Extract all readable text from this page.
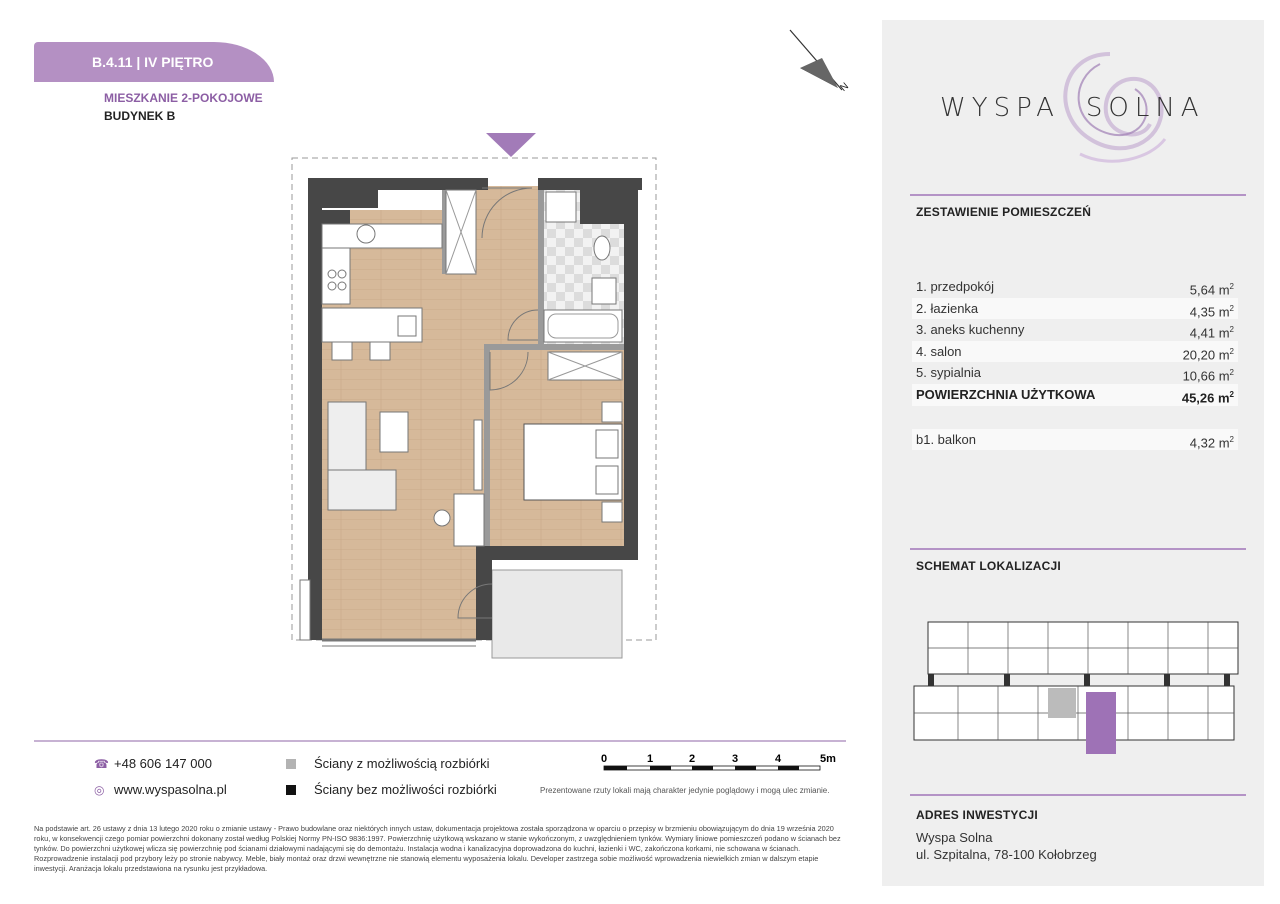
B.4.11 | IV PIĘTRO
MIESZKANIE 2-POKOJOWE
BUDYNEK B
N
☎ +48 606 147 000
◎ www.wyspasolna.pl
Ściany z możliwością rozbiórki
Ściany bez możliwości rozbiórki
0	1	2	3	4	5m
Prezentowane rzuty lokali mają charakter jedynie poglądowy i mogą ulec zmianie.
Na podstawie art. 26 ustawy z dnia 13 lutego 2020 roku o zmianie ustawy - Prawo budowlane oraz niektórych innych ustaw, dokumentacja projektowa została sporządzona w oparciu o przepisy w brzmieniu obowiązującym do dnia 19 września 2020 roku, w konsekwencji czego pomiar powierzchni dokonany został według Polskiej Normy PN-ISO 9836:1997. Powierzchnię użytkową wskazano w stanie wykończonym, z uwzględnieniem tynków. Wymiary liniowe pomieszczeń podano w ścianach bez tynków. Do powierzchni użytkowej wlicza się powierzchnię pod ścianami działowymi nadającymi się do demontażu. Instalacja wodna i kanalizacyjna doprowadzona do kuchni, łazienki i WC, zakończona korkami, nie schowana w ścianach. Rozprowadzenie instalacji pod przybory leży po stronie nabywcy. Meble, biały montaż oraz drzwi wewnętrzne nie stanowią elementu wyposażenia lokalu. Developer zastrzega sobie możliwość wprowadzenia niewielkich zmian w dalszym etapie inwestycji. Aranżacja lokalu przedstawiona na rysunku jest przykładowa.
WYSPA SOLNA
ZESTAWIENIE POMIESZCZEŃ
1. przedpokój	5,64 $m^2$
2. łazienka	4,35 $m^2$
3. aneks kuchenny	4,41 $m^2$
4. salon	20,20 $m^2$
5. sypialnia	10,66 $m^2$
POWIERZCHNIA UŻYTKOWA	45,26 $m^2$
b1. balkon	4,32 $m^2$
SCHEMAT LOKALIZACJI
ADRES INWESTYCJI
Wyspa Solna
ul. Szpitalna, 78-100 Kołobrzeg
